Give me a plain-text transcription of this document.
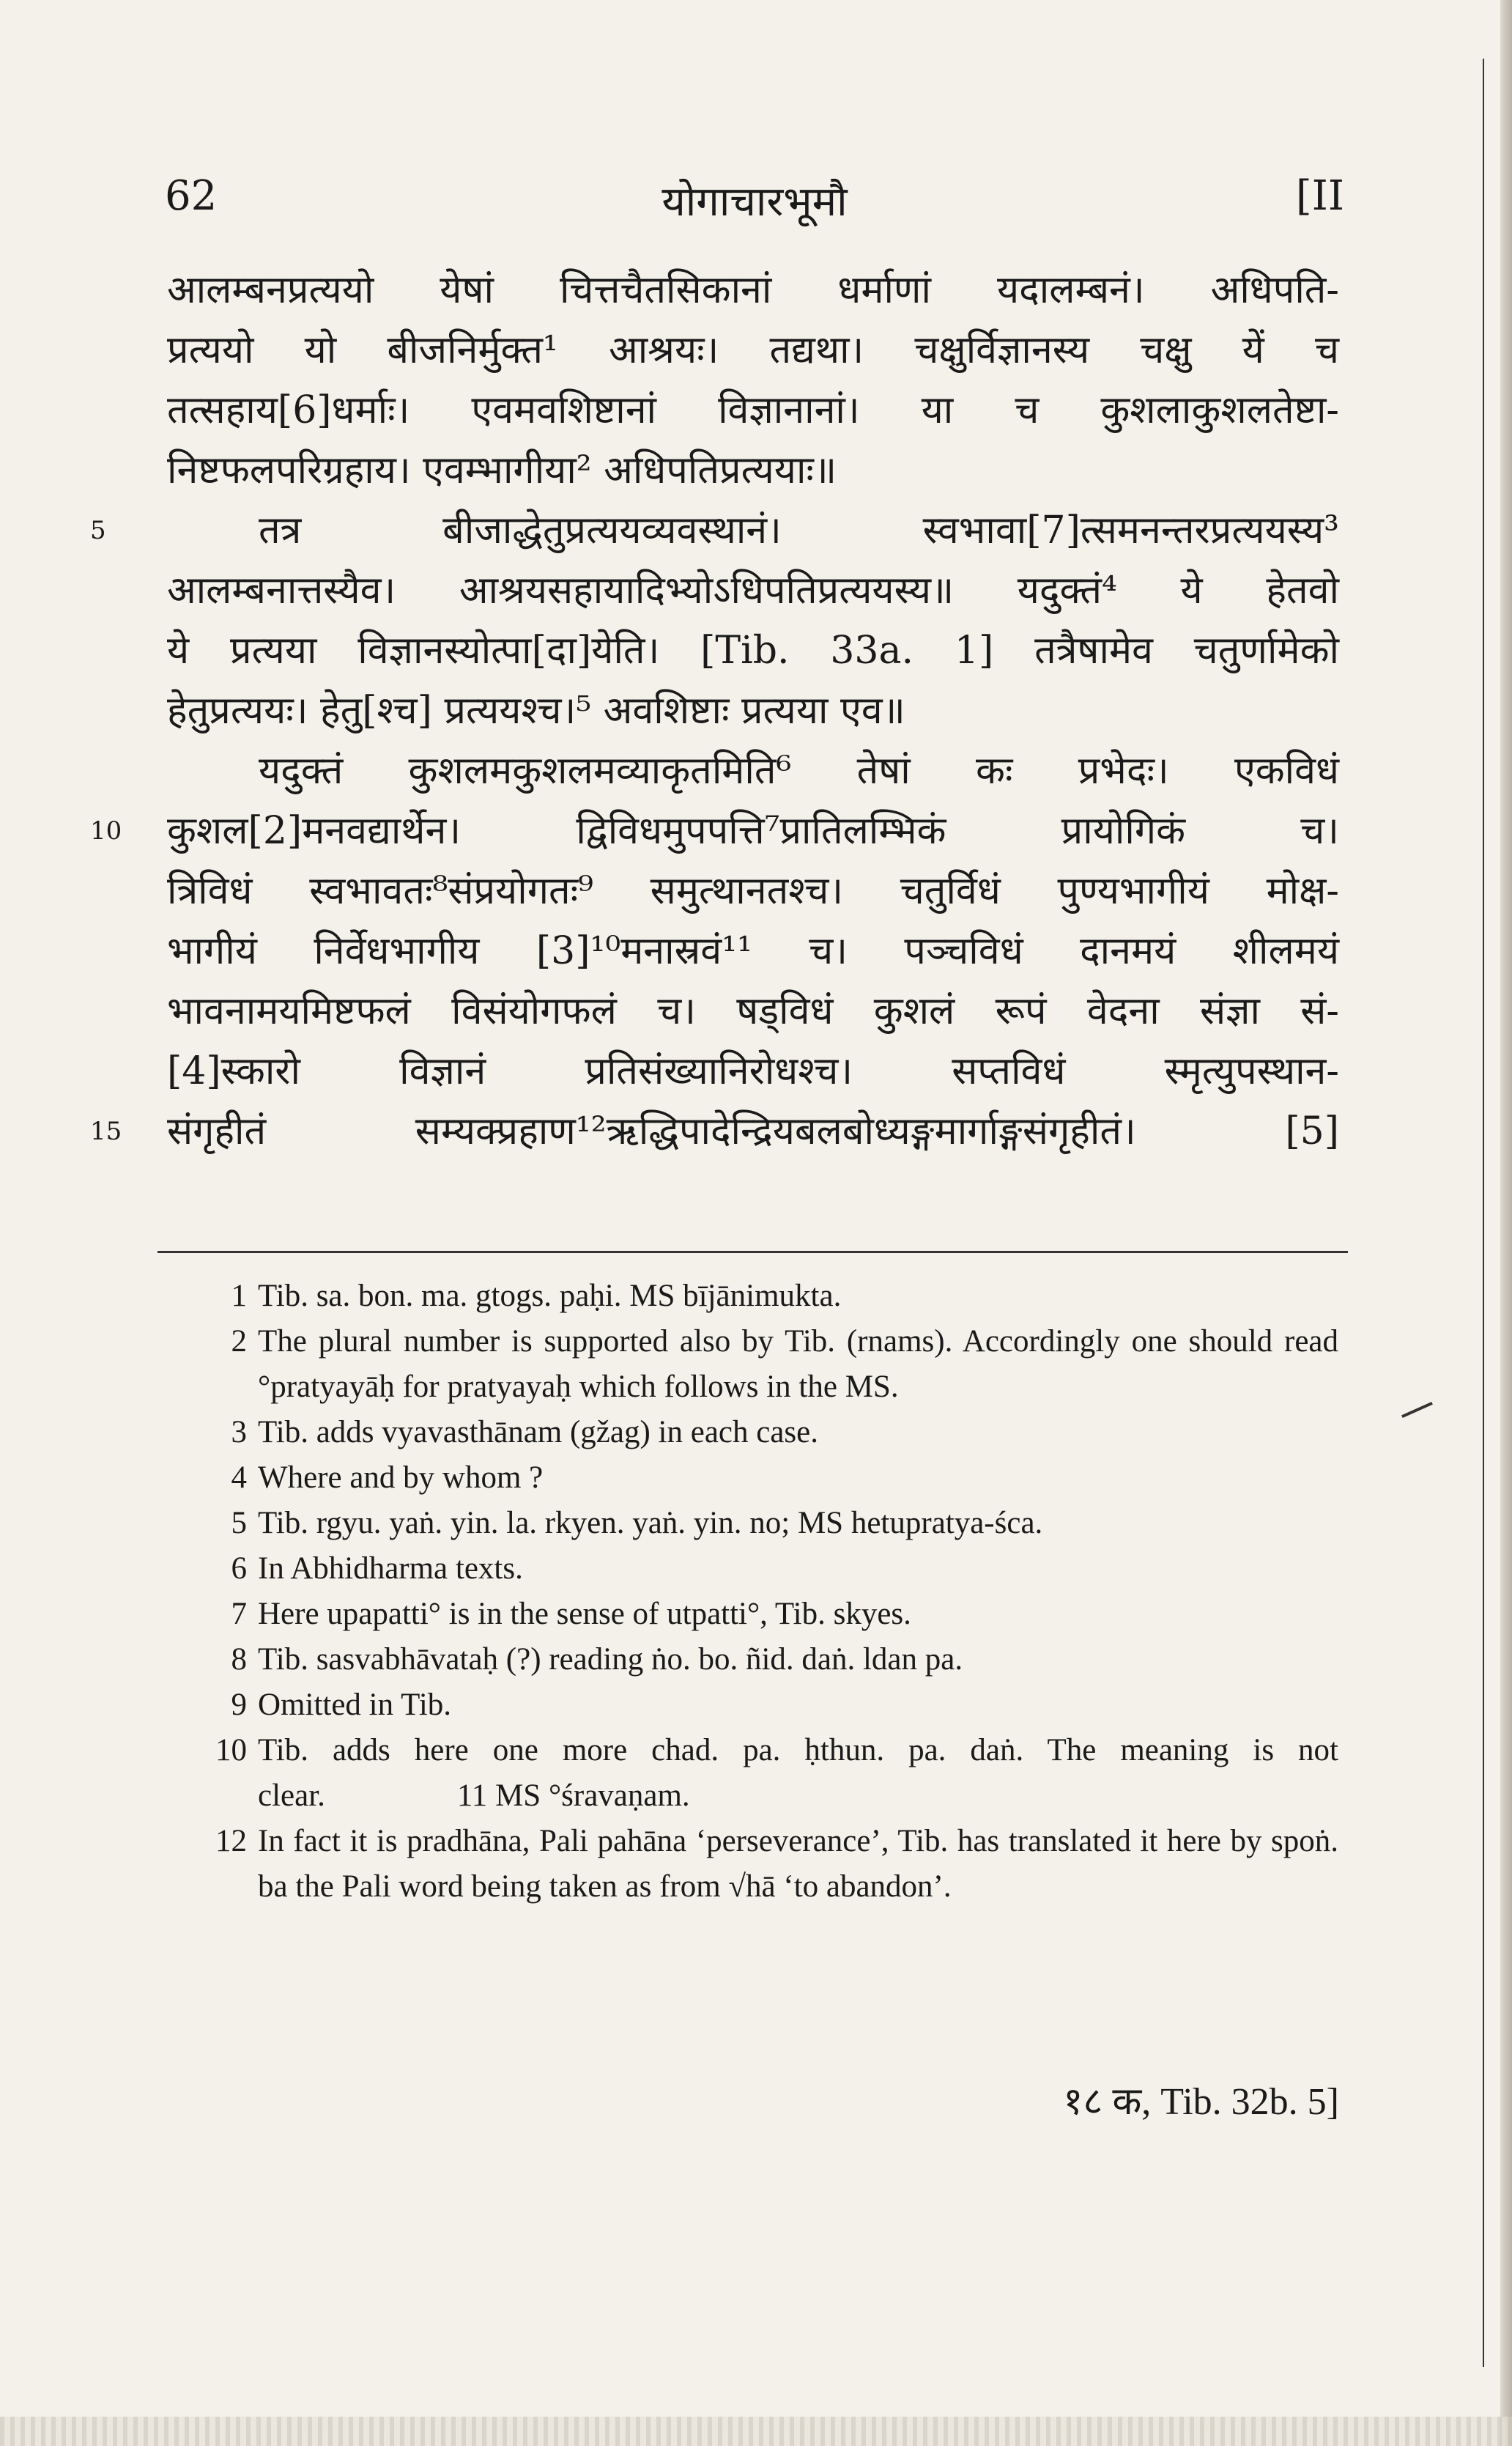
62	योगाचारभूमौ	[II
आलम्बनप्रत्ययो येषां चित्तचैतसिकानां धर्माणां यदालम्बनं। अधिपति-
प्रत्ययो यो बीजनिर्मुक्त¹ आश्रयः। तद्यथा। चक्षुर्विज्ञानस्य चक्षु यें च
तत्सहाय[6]धर्माः। एवमवशिष्टानां विज्ञानानां। या च कुशलाकुशलतेष्टा-
निष्टफलपरिग्रहाय। एवम्भागीया² अधिपतिप्रत्ययाः॥
5	तत्र बीजाद्धेतुप्रत्ययव्यवस्थानं। स्वभावा[7]त्समनन्तरप्रत्ययस्य³
आलम्बनात्तस्यैव। आश्रयसहायादिभ्योऽधिपतिप्रत्ययस्य॥ यदुक्तं⁴ ये हेतवो
ये प्रत्यया विज्ञानस्योत्पा[दा]येति। [Tib. 33a. 1] तत्रैषामेव चतुर्णामेको
हेतुप्रत्ययः। हेतु[श्च] प्रत्ययश्च।⁵ अवशिष्टाः प्रत्यया एव॥
यदुक्तं कुशलमकुशलमव्याकृतमिति⁶ तेषां कः प्रभेदः। एकविधं
10 कुशल[2]मनवद्यार्थेन। द्विविधमुपपत्ति⁷प्रातिलम्भिकं प्रायोगिकं च।
त्रिविधं स्वभावतः⁸संप्रयोगतः⁹ समुत्थानतश्च। चतुर्विधं पुण्यभागीयं मोक्ष-
भागीयं निर्वेधभागीय [3]¹⁰मनास्रवं¹¹ च। पञ्चविधं दानमयं शीलमयं
भावनामयमिष्टफलं विसंयोगफलं च। षड्विधं कुशलं रूपं वेदना संज्ञा सं-
[4]स्कारो विज्ञानं प्रतिसंख्यानिरोधश्च। सप्तविधं स्मृत्युपस्थान-
15 संगृहीतं सम्यक्प्रहाण¹²ऋद्धिपादेन्द्रियबलबोध्यङ्गमार्गाङ्गसंगृहीतं। [5]
1 Tib. sa. bon. ma. gtogs. paḥi. MS bījānimukta.
2 The plural number is supported also by Tib. (rnams). Accordingly one should read °pratyayāḥ for pratyayaḥ which follows in the MS.
3 Tib. adds vyavasthānam (gžag) in each case.
4 Where and by whom ?
5 Tib. rgyu. yaṅ. yin. la. rkyen. yaṅ. yin. no; MS hetupratya-śca.
6 In Abhidharma texts.
7 Here upapatti° is in the sense of utpatti°, Tib. skyes.
8 Tib. sasvabhāvataḥ (?) reading ṅo. bo. ñid. daṅ. ldan pa.
9 Omitted in Tib.
10 Tib. adds here one more chad. pa. ḥthun. pa. daṅ. The meaning is not clear.	11 MS °śravaṇam.
12 In fact it is pradhāna, Pali pahāna ‘perseverance’, Tib. has translated it here by spoṅ. ba the Pali word being taken as from √hā ‘to abandon’.
१८ क, Tib. 32b. 5]
